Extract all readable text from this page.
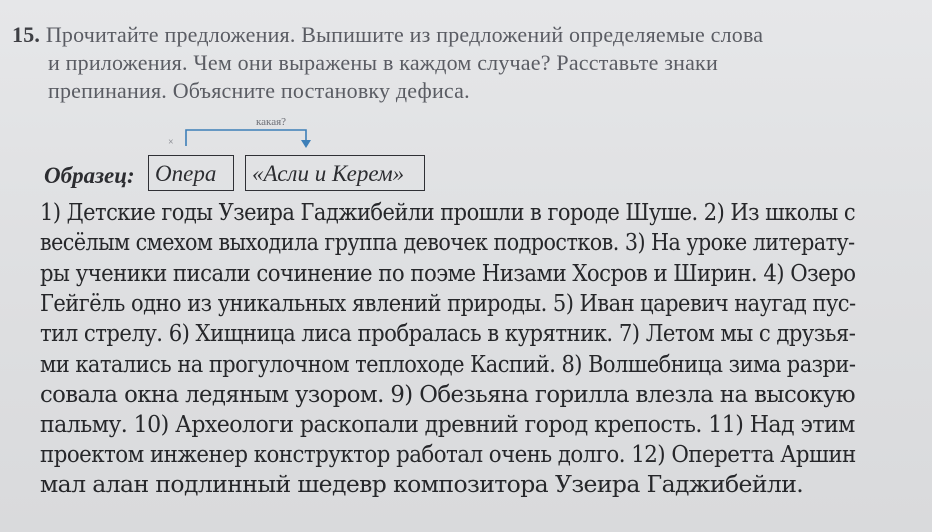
15. Прочитайте предложения. Выпишите из предложений определяемые слова
и приложения. Чем они выражены в каждом случае? Расставьте знаки
препинания. Объясните постановку дефиса.
какая?
×
Образец: Опера	«Асли и Керем»
1) Детские годы Узеира Гаджибейли прошли в городе Шуше. 2) Из школы с
весёлым смехом выходила группа девочек подростков. 3) На уроке литерату-
ры ученики писали сочинение по поэме Низами Хосров и Ширин. 4) Озеро
Гейгёль одно из уникальных явлений природы. 5) Иван царевич наугад пус-
тил стрелу. 6) Хищница лиса пробралась в курятник. 7) Летом мы с друзья-
ми катались на прогулочном теплоходе Каспий. 8) Волшебница зима разри-
совала окна ледяным узором. 9) Обезьяна горилла влезла на высокую
пальму. 10) Археологи раскопали древний город крепость. 11) Над этим
проектом инженер конструктор работал очень долго. 12) Оперетта Аршин
мал алан подлинный шедевр композитора Узеира Гаджибейли.
